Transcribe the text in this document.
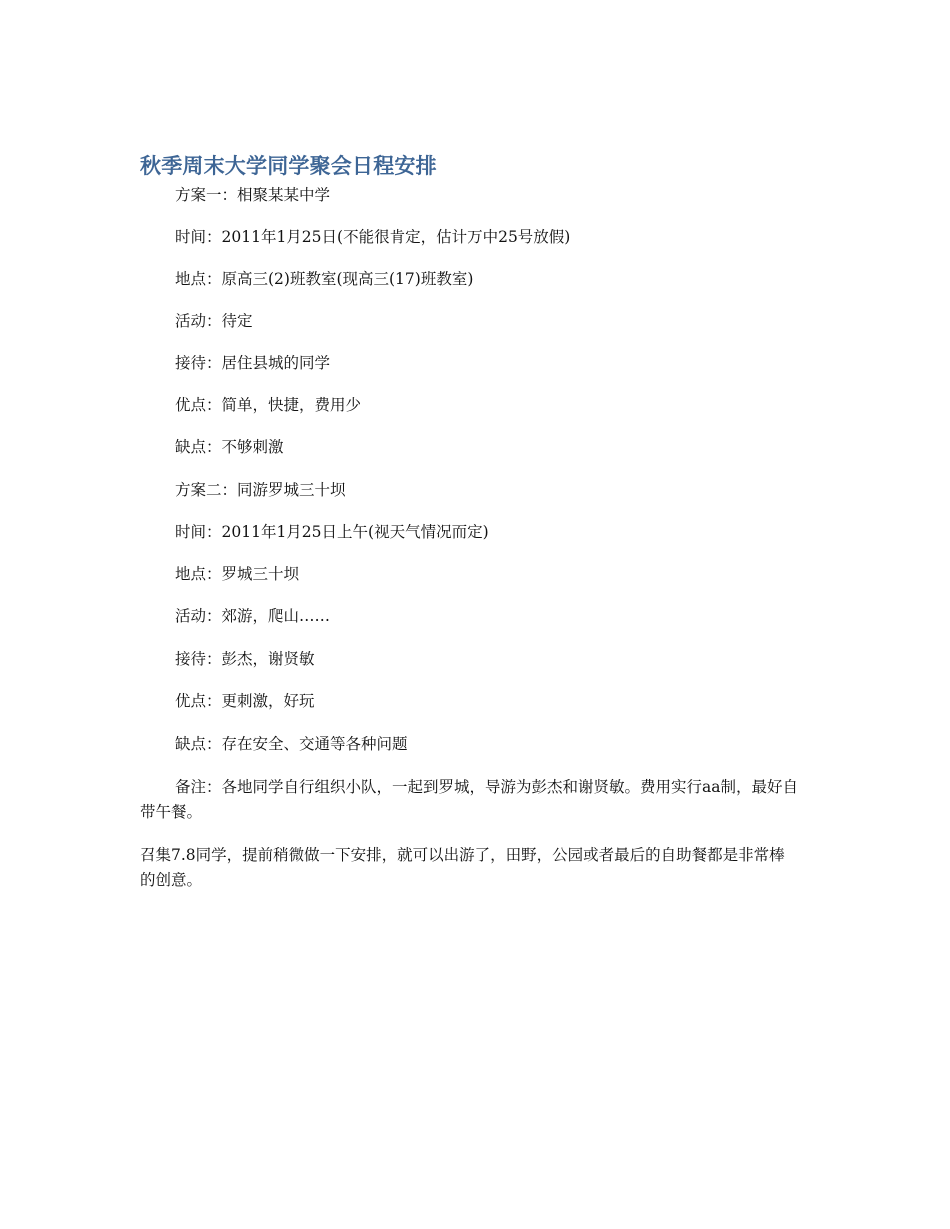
秋季周末大学同学聚会日程安排

方案一：相聚某某中学

时间：2011年1月25日(不能很肯定，估计万中25号放假)

地点：原高三(2)班教室(现高三(17)班教室)

活动：待定

接待：居住县城的同学

优点：简单，快捷，费用少

缺点：不够刺激

方案二：同游罗城三十坝

时间：2011年1月25日上午(视天气情况而定)

地点：罗城三十坝

活动：郊游，爬山……

接待：彭杰，谢贤敏

优点：更刺激，好玩

缺点：存在安全、交通等各种问题

备注：各地同学自行组织小队，一起到罗城，导游为彭杰和谢贤敏。费用实行aa制，最好自带午餐。

召集7.8同学，提前稍微做一下安排，就可以出游了，田野，公园或者最后的自助餐都是非常棒的创意。
